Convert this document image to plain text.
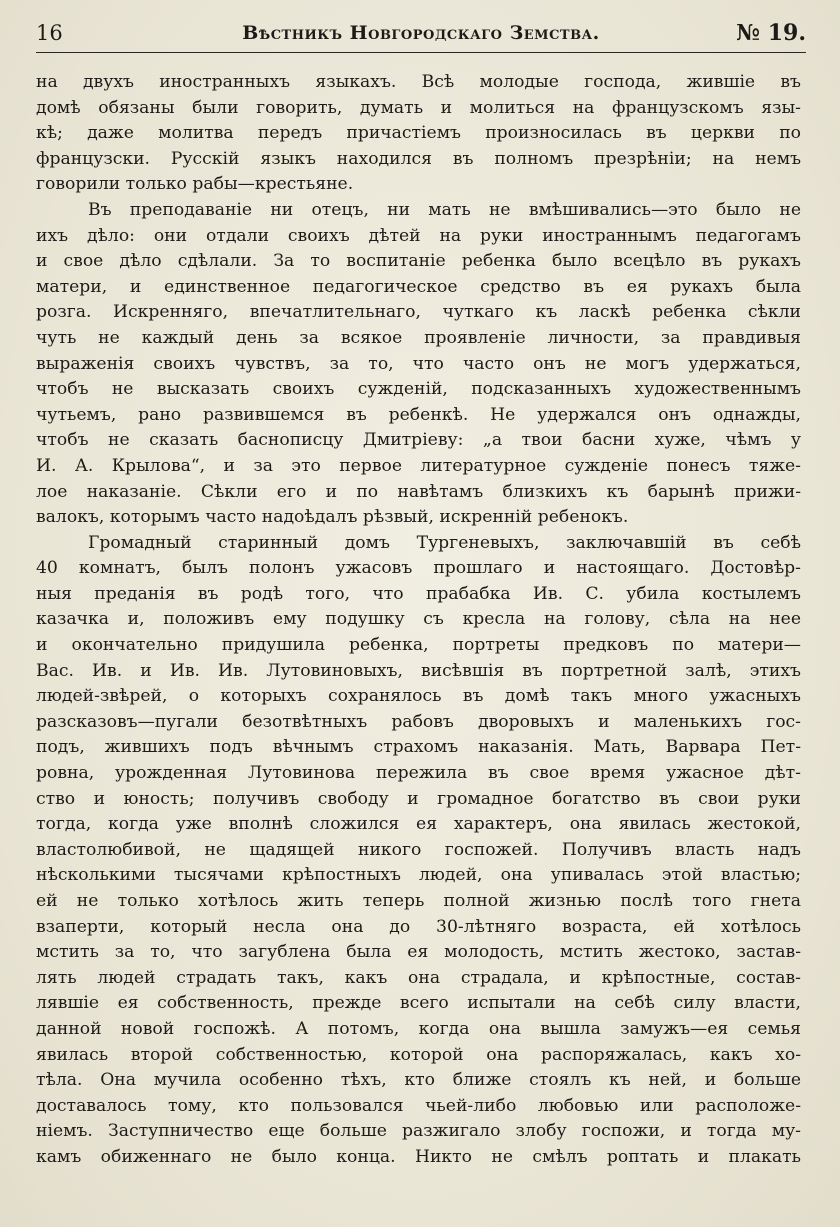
16	Вѣстникъ Новгородскаго Земства.	№ 19.
на двухъ иностранныхъ языкахъ. Всѣ молодые господа, жившіе въ
домѣ обязаны были говорить, думать и молиться на французскомъ язы-
кѣ; даже молитва передъ причастіемъ произносилась въ церкви по
французски. Русскій языкъ находился въ полномъ презрѣніи; на немъ
говорили только рабы—крестьяне.
Въ преподаваніе ни отецъ, ни мать не вмѣшивались—это было не
ихъ дѣло: они отдали своихъ дѣтей на руки иностраннымъ педагогамъ
и свое дѣло сдѣлали. За то воспитаніе ребенка было всецѣло въ рукахъ
матери, и единственное педагогическое средство въ ея рукахъ была
розга. Искренняго, впечатлительнаго, чуткаго къ ласкѣ ребенка сѣкли
чуть не каждый день за всякое проявленіе личности, за правдивыя
выраженія своихъ чувствъ, за то, что часто онъ не могъ удержаться,
чтобъ не высказать своихъ сужденій, подсказанныхъ художественнымъ
чутьемъ, рано развившемся въ ребенкѣ. Не удержался онъ однажды,
чтобъ не сказать баснописцу Дмитріеву: „а твои басни хуже, чѣмъ у
И. А. Крылова“, и за это первое литературное сужденіе понесъ тяже-
лое наказаніе. Сѣкли его и по навѣтамъ близкихъ къ барынѣ прижи-
валокъ, которымъ часто надоѣдалъ рѣзвый, искренній ребенокъ.
Громадный старинный домъ Тургеневыхъ, заключавшій въ себѣ
40 комнатъ, былъ полонъ ужасовъ прошлаго и настоящаго. Достовѣр-
ныя преданія въ родѣ того, что прабабка Ив. С. убила костылемъ
казачка и, положивъ ему подушку съ кресла на голову, сѣла на нее
и окончательно придушила ребенка, портреты предковъ по матери—
Вас. Ив. и Ив. Ив. Лутовиновыхъ, висѣвшія въ портретной залѣ, этихъ
людей-звѣрей, о которыхъ сохранялось въ домѣ такъ много ужасныхъ
разсказовъ—пугали безотвѣтныхъ рабовъ дворовыхъ и маленькихъ гос-
подъ, жившихъ подъ вѣчнымъ страхомъ наказанія. Мать, Варвара Пет-
ровна, урожденная Лутовинова пережила въ свое время ужасное дѣт-
ство и юность; получивъ свободу и громадное богатство въ свои руки
тогда, когда уже вполнѣ сложился ея характеръ, она явилась жестокой,
властолюбивой, не щадящей никого госпожей. Получивъ власть надъ
нѣсколькими тысячами крѣпостныхъ людей, она упивалась этой властью;
ей не только хотѣлось жить теперь полной жизнью послѣ того гнета
взаперти, который несла она до 30-лѣтняго возраста, ей хотѣлось
мстить за то, что загублена была ея молодость, мстить жестоко, застав-
лять людей страдать такъ, какъ она страдала, и крѣпостные, состав-
лявшіе ея собственность, прежде всего испытали на себѣ силу власти,
данной новой госпожѣ. А потомъ, когда она вышла замужъ—ея семья
явилась второй собственностью, которой она распоряжалась, какъ хо-
тѣла. Она мучила особенно тѣхъ, кто ближе стоялъ къ ней, и больше
доставалось тому, кто пользовался чьей-либо любовью или расположе-
ніемъ. Заступничество еще больше разжигало злобу госпожи, и тогда му-
камъ обиженнаго не было конца. Никто не смѣлъ роптать и плакать
